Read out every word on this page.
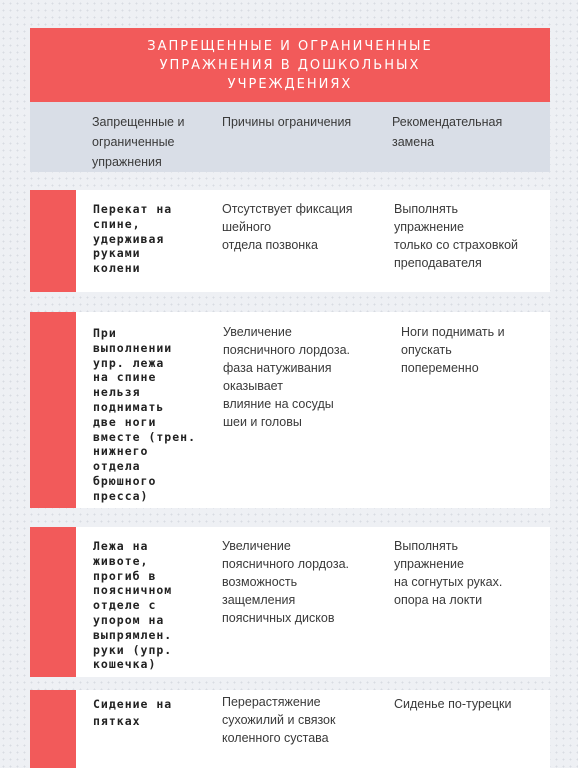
ЗАПРЕЩЕННЫЕ И ОГРАНИЧЕННЫЕ
УПРАЖНЕНИЯ В ДОШКОЛЬНЫХ
УЧРЕЖДЕНИЯХ
Запрещенные и
ограниченные
упражнения
Причины ограничения	Рекомендательная
замена
Перекат на
спине,
удерживая
руками
колени
Отсутствует фиксация
шейного
отдела позвонка
Выполнять
упражнение
только со страховкой
преподавателя
При
выполнении
упр. лежа
на спине
нельзя
поднимать
две ноги
вместе (трен.
нижнего
отдела
брюшного
пресса)
Увеличение
поясничного лордоза.
фаза натуживания
оказывает
влияние на сосуды
шеи и головы
Ноги поднимать и
опускать
попеременно
Лежа на
животе,
прогиб в
поясничном
отделе с
упором на
выпрямлен.
руки (упр.
кошечка)
Увеличение
поясничного лордоза.
возможность
защемления
поясничных дисков
Выполнять
упражнение
на согнутых руках.
опора на локти
Сидение на
пятках
Перерастяжение
сухожилий и связок
коленного сустава
Сиденье по-турецки
